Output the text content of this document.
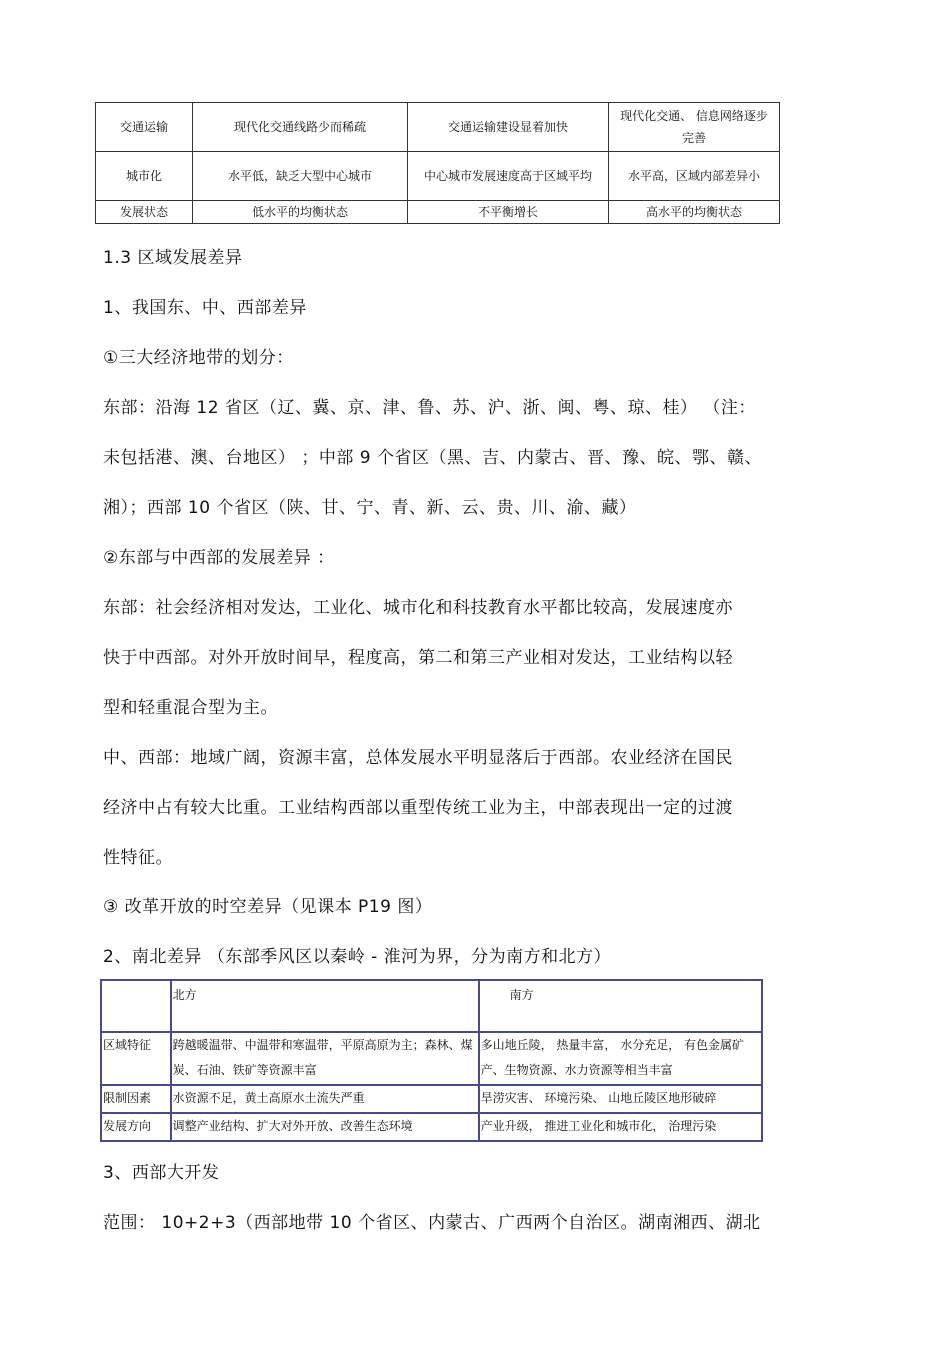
交通运输	现代化交通线路少而稀疏	交通运输建设显着加快	现代化交通、 信息网络逐步完善
城市化	水平低，缺乏大型中心城市	中心城市发展速度高于区域平均	水平高，区域内部差异小
发展状态	低水平的均衡状态	不平衡增长	高水平的均衡状态
1.3 区域发展差异
1、我国东、中、西部差异
①三大经济地带的划分：
东部：沿海 12 省区（辽、冀、京、津、鲁、苏、沪、浙、闽、粤、琼、桂） （注：
未包括港、澳、台地区） ；中部 9 个省区（黑、吉、内蒙古、晋、豫、皖、鄂、赣、
湘）；西部 10 个省区（陕、甘、宁、青、新、云、贵、川、渝、藏）
②东部与中西部的发展差异 ：
东部：社会经济相对发达，工业化、城市化和科技教育水平都比较高，发展速度亦
快于中西部。对外开放时间早，程度高，第二和第三产业相对发达，工业结构以轻
型和轻重混合型为主。
中、西部：地域广阔，资源丰富，总体发展水平明显落后于西部。农业经济在国民
经济中占有较大比重。工业结构西部以重型传统工业为主，中部表现出一定的过渡
性特征。
③ 改革开放的时空差异（见课本 P19 图）
2、南北差异 （东部季风区以秦岭 - 淮河为界，分为南方和北方）
	北方	南方
区域特征	跨越暖温带、中温带和寒温带，平原高原为主；森林、煤炭、石油、铁矿等资源丰富	多山地丘陵， 热量丰富， 水分充足， 有色金属矿产、生物资源、水力资源等相当丰富
限制因素	水资源不足，黄土高原水土流失严重	旱涝灾害、 环境污染、 山地丘陵区地形破碎
发展方向	调整产业结构、扩大对外开放、改善生态环境	产业升级， 推进工业化和城市化， 治理污染
3、西部大开发
范围： 10+2+3（西部地带 10 个省区、内蒙古、广西两个自治区。湖南湘西、湖北
